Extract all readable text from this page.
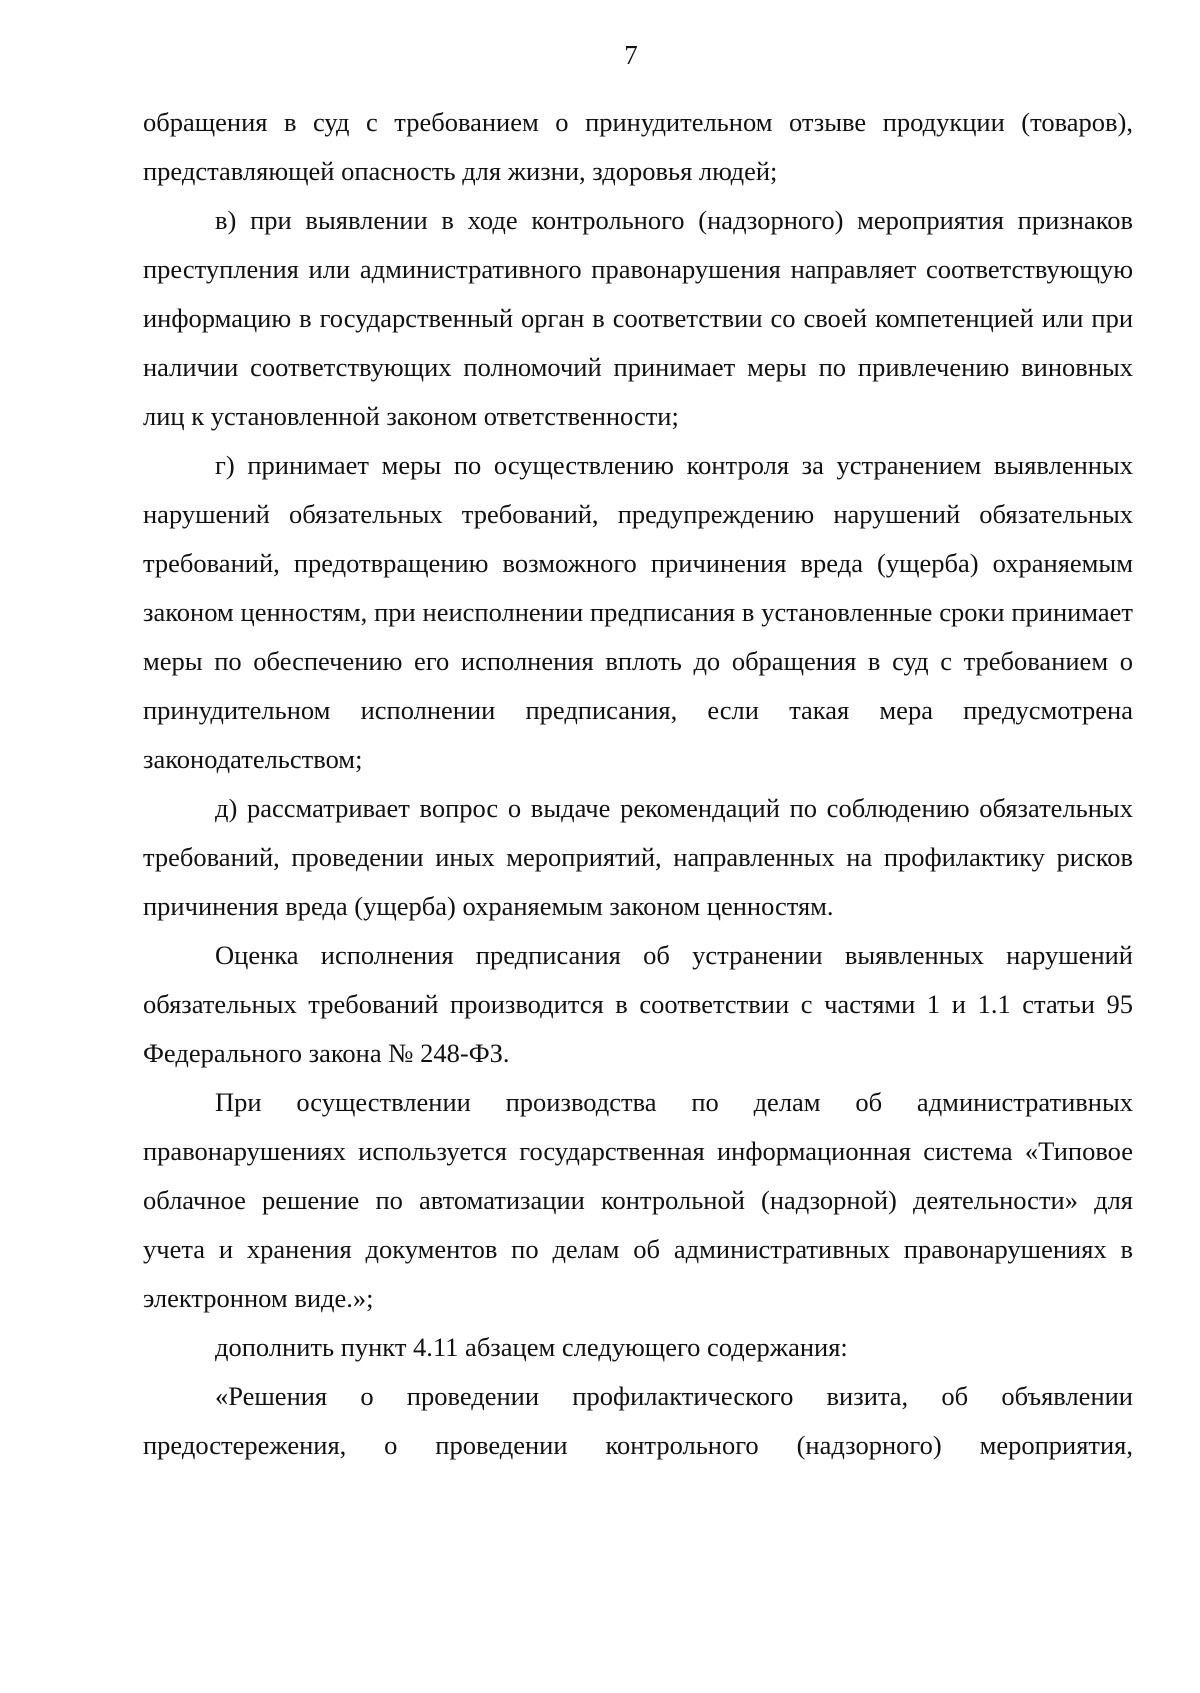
7

обращения в суд с требованием о принудительном отзыве продукции (товаров), представляющей опасность для жизни, здоровья людей;

в) при выявлении в ходе контрольного (надзорного) мероприятия признаков преступления или административного правонарушения направляет соответствующую информацию в государственный орган в соответствии со своей компетенцией или при наличии соответствующих полномочий принимает меры по привлечению виновных лиц к установленной законом ответственности;

г) принимает меры по осуществлению контроля за устранением выявленных нарушений обязательных требований, предупреждению нарушений обязательных требований, предотвращению возможного причинения вреда (ущерба) охраняемым законом ценностям, при неисполнении предписания в установленные сроки принимает меры по обеспечению его исполнения вплоть до обращения в суд с требованием о принудительном исполнении предписания, если такая мера предусмотрена законодательством;

д) рассматривает вопрос о выдаче рекомендаций по соблюдению обязательных требований, проведении иных мероприятий, направленных на профилактику рисков причинения вреда (ущерба) охраняемым законом ценностям.

Оценка исполнения предписания об устранении выявленных нарушений обязательных требований производится в соответствии с частями 1 и 1.1 статьи 95 Федерального закона № 248-ФЗ.

При осуществлении производства по делам об административных правонарушениях используется государственная информационная система «Типовое облачное решение по автоматизации контрольной (надзорной) деятельности» для учета и хранения документов по делам об административных правонарушениях в электронном виде.»;

дополнить пункт 4.11 абзацем следующего содержания:

«Решения о проведении профилактического визита, об объявлении предостережения, о проведении контрольного (надзорного) мероприятия,
